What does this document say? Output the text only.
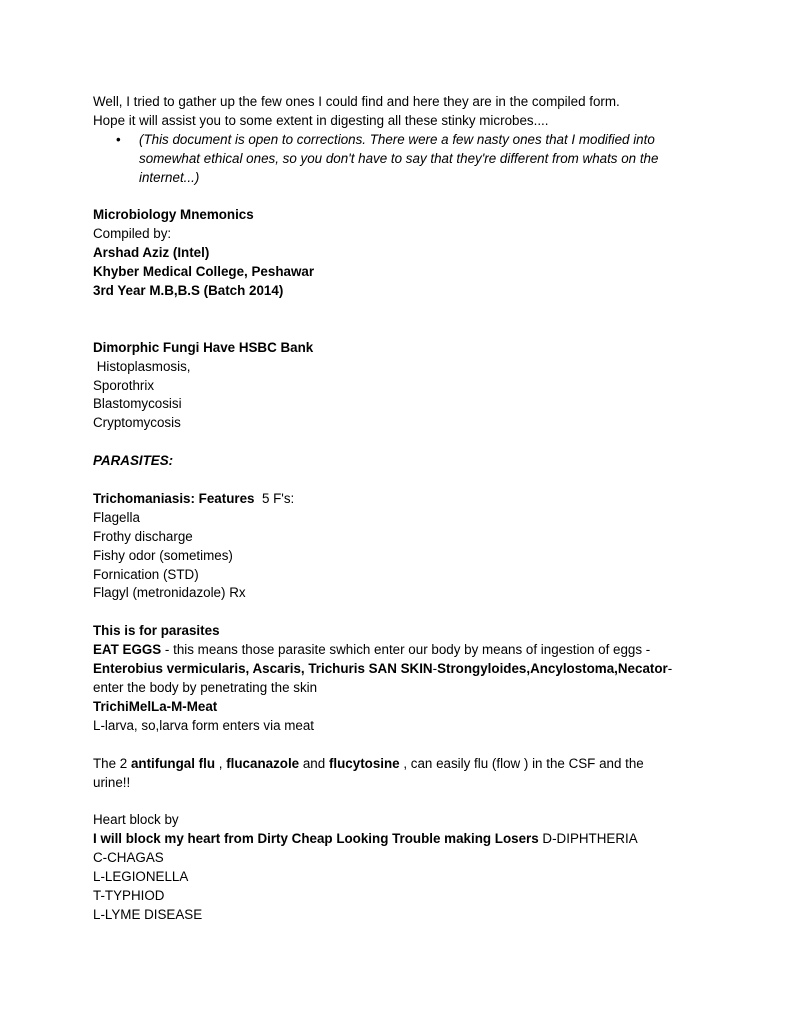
Well, I tried to gather up the few ones I could find and here they are in the compiled form.
Hope it will assist you to some extent in digesting all these stinky microbes....
• (This document is open to corrections. There were a few nasty ones that I modified into
somewhat ethical ones, so you don't have to say that they're different from whats on the
internet...)
Microbiology Mnemonics
Compiled by:
Arshad Aziz (Intel)
Khyber Medical College, Peshawar
3rd Year M.B,B.S (Batch 2014)
Dimorphic Fungi Have HSBC Bank
Histoplasmosis,
Sporothrix
Blastomycosisi
Cryptomycosis
PARASITES:
Trichomaniasis: Features  5 F's:
Flagella
Frothy discharge
Fishy odor (sometimes)
Fornication (STD)
Flagyl (metronidazole) Rx
This is for parasites
EAT EGGS - this means those parasite swhich enter our body by means of ingestion of eggs -
Enterobius vermicularis, Ascaris, Trichuris SAN SKIN-Strongyloides,Ancylostoma,Necator-
enter the body by penetrating the skin
TrichiMelLa-M-Meat
L-larva, so,larva form enters via meat
The 2 antifungal flu , flucanazole and flucytosine , can easily flu (flow ) in the CSF and the
urine!!
Heart block by
I will block my heart from Dirty Cheap Looking Trouble making Losers D-DIPHTHERIA
C-CHAGAS
L-LEGIONELLA
T-TYPHIOD
L-LYME DISEASE
